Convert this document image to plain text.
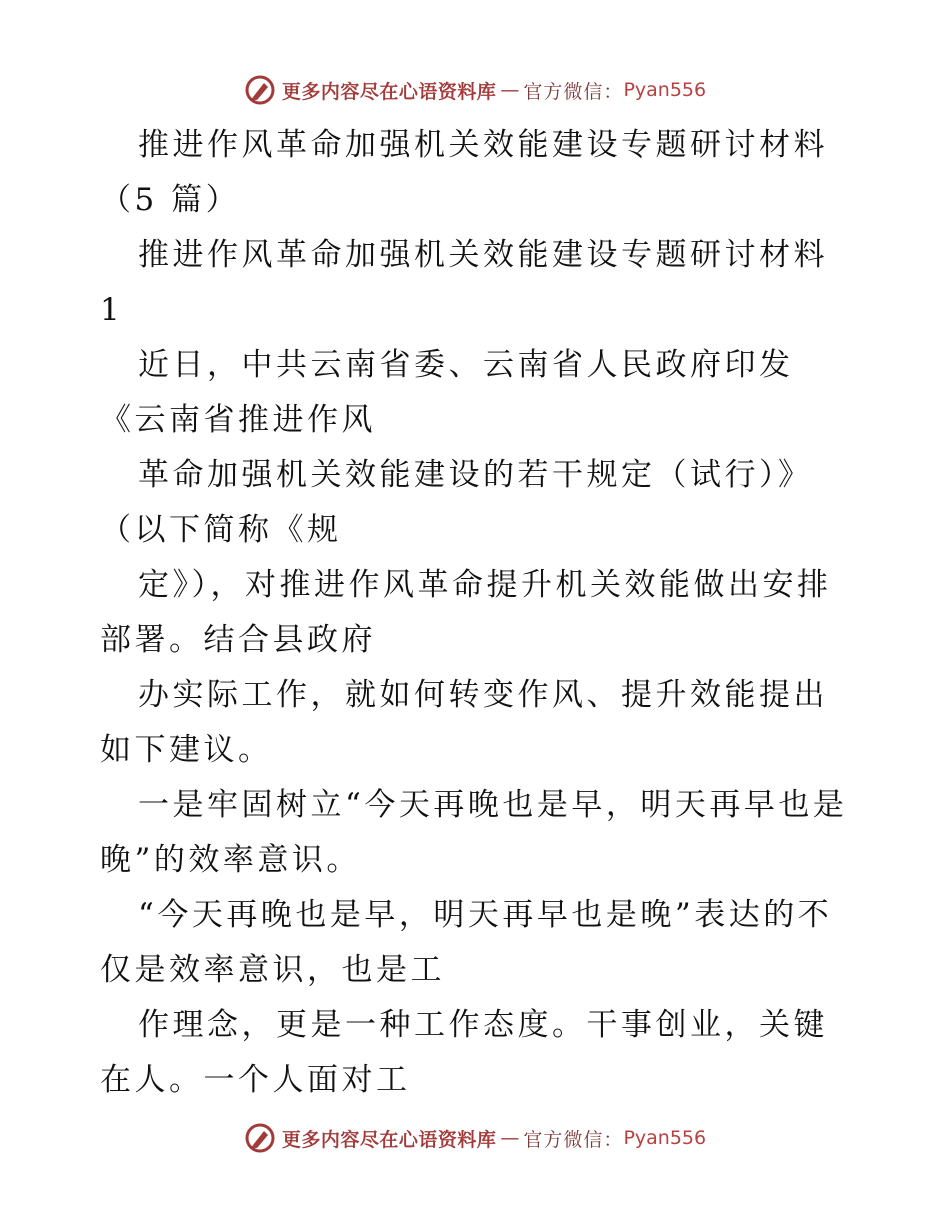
更多内容尽在心语资料库 — 官方微信： Pyan556

推进作风革命加强机关效能建设专题研讨材料（5 篇）

推进作风革命加强机关效能建设专题研讨材料 1

近日，中共云南省委、云南省人民政府印发《云南省推进作风

革命加强机关效能建设的若干规定（试行）》（以下简称《规

定》），对推进作风革命提升机关效能做出安排部署。结合县政府

办实际工作，就如何转变作风、提升效能提出如下建议。

一是牢固树立“今天再晚也是早，明天再早也是晚”的效率意识。

“今天再晚也是早，明天再早也是晚”表达的不仅是效率意识，也是工

作理念，更是一种工作态度。干事创业，关键在人。一个人面对工

更多内容尽在心语资料库 — 官方微信： Pyan556
